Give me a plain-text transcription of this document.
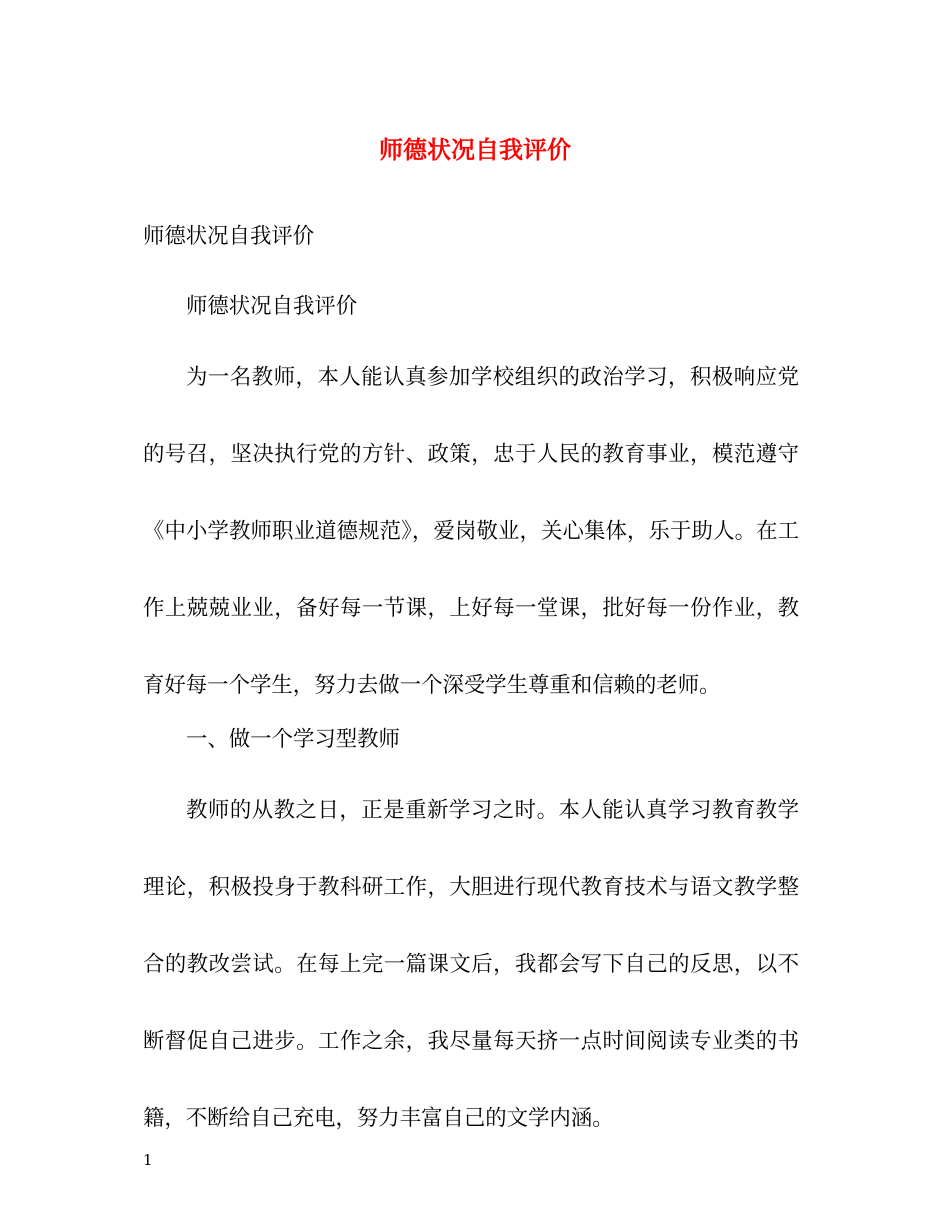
师德状况自我评价

师德状况自我评价

师德状况自我评价

为一名教师，本人能认真参加学校组织的政治学习，积极响应党的号召，坚决执行党的方针、政策，忠于人民的教育事业，模范遵守《中小学教师职业道德规范》，爱岗敬业，关心集体，乐于助人。在工作上兢兢业业，备好每一节课，上好每一堂课，批好每一份作业，教育好每一个学生，努力去做一个深受学生尊重和信赖的老师。

一、做一个学习型教师

教师的从教之日，正是重新学习之时。本人能认真学习教育教学理论，积极投身于教科研工作，大胆进行现代教育技术与语文教学整合的教改尝试。在每上完一篇课文后，我都会写下自己的反思，以不断督促自己进步。工作之余，我尽量每天挤一点时间阅读专业类的书籍，不断给自己充电，努力丰富自己的文学内涵。

1
